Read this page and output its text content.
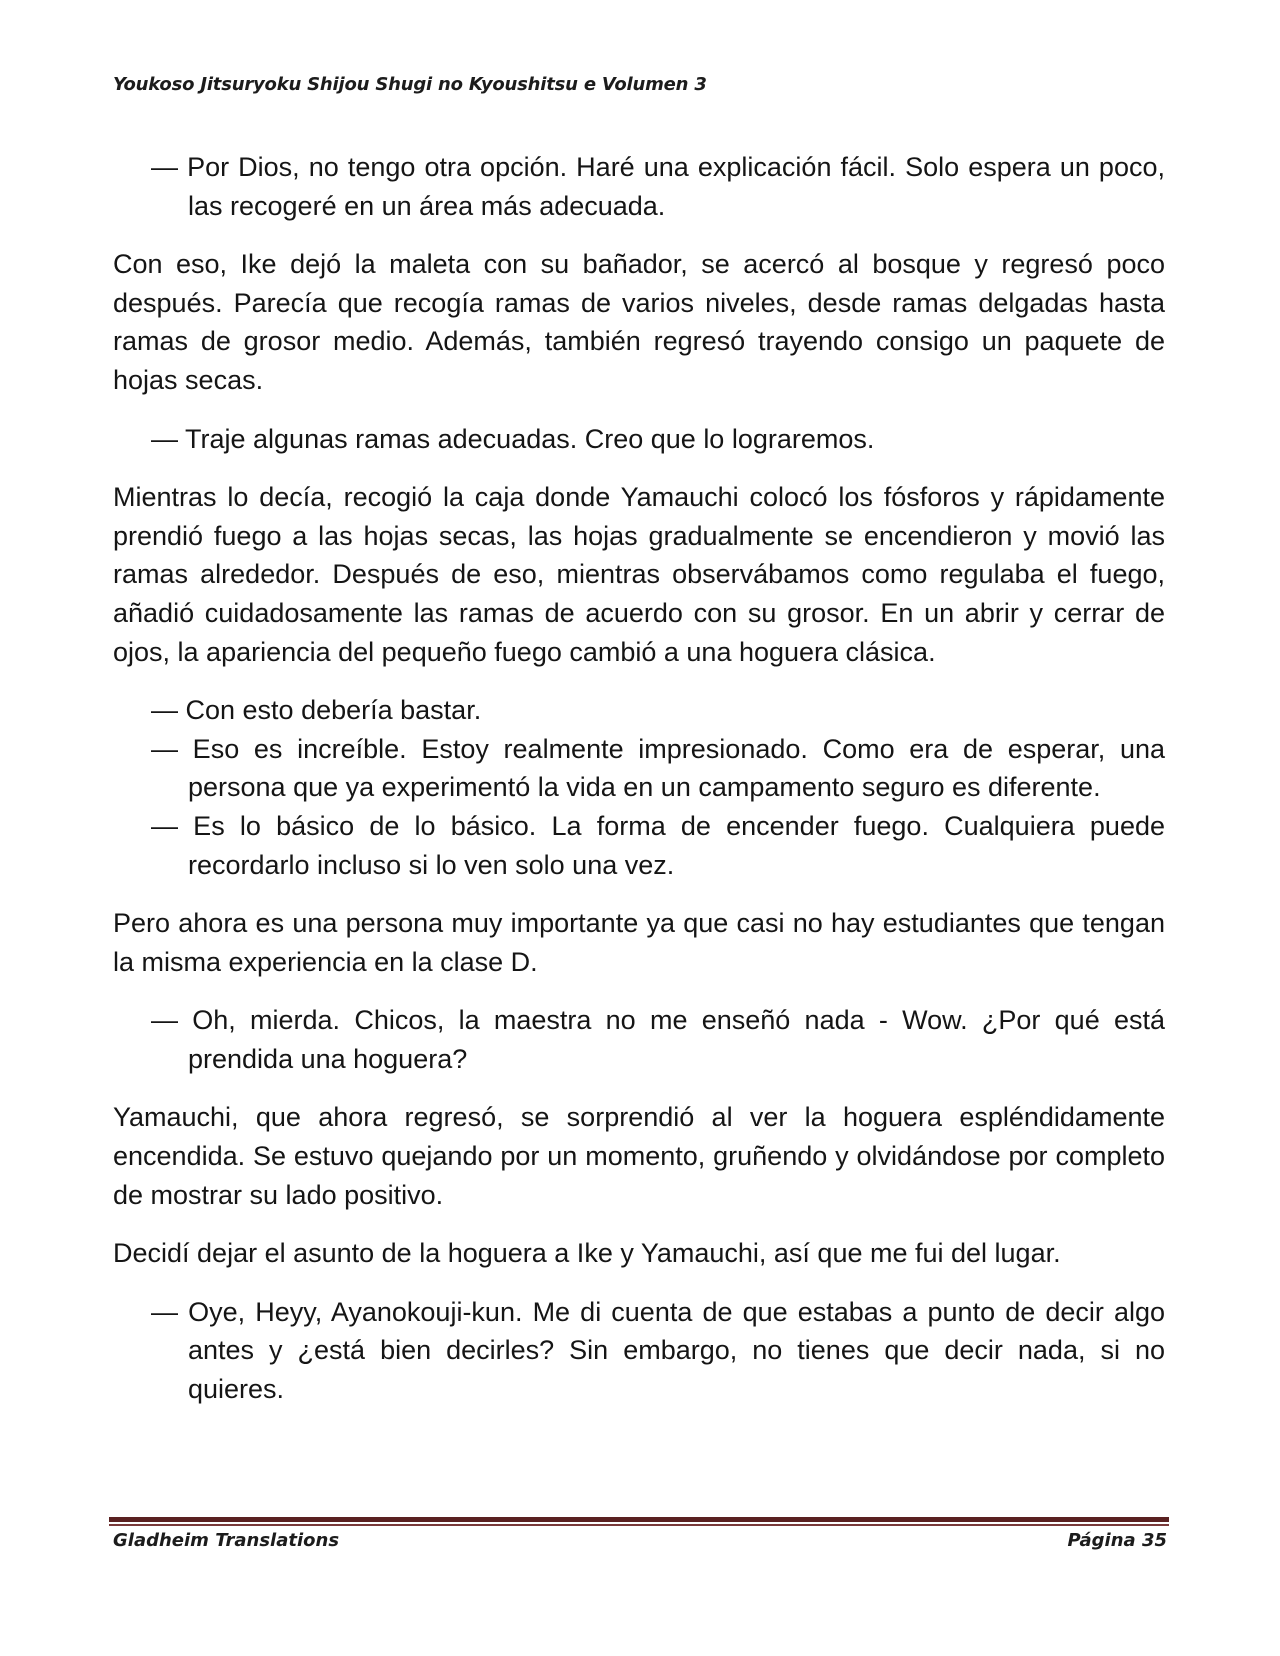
Youkoso Jitsuryoku Shijou Shugi no Kyoushitsu e Volumen 3

— Por Dios, no tengo otra opción. Haré una explicación fácil. Solo espera un poco, las recogeré en un área más adecuada.

Con eso, Ike dejó la maleta con su bañador, se acercó al bosque y regresó poco después. Parecía que recogía ramas de varios niveles, desde ramas delgadas hasta ramas de grosor medio. Además, también regresó trayendo consigo un paquete de hojas secas.

— Traje algunas ramas adecuadas. Creo que lo lograremos.

Mientras lo decía, recogió la caja donde Yamauchi colocó los fósforos y rápidamente prendió fuego a las hojas secas, las hojas gradualmente se encendieron y movió las ramas alrededor. Después de eso, mientras observábamos como regulaba el fuego, añadió cuidadosamente las ramas de acuerdo con su grosor. En un abrir y cerrar de ojos, la apariencia del pequeño fuego cambió a una hoguera clásica.

— Con esto debería bastar.

— Eso es increíble. Estoy realmente impresionado. Como era de esperar, una persona que ya experimentó la vida en un campamento seguro es diferente.

— Es lo básico de lo básico. La forma de encender fuego. Cualquiera puede recordarlo incluso si lo ven solo una vez.

Pero ahora es una persona muy importante ya que casi no hay estudiantes que tengan la misma experiencia en la clase D.

— Oh, mierda. Chicos, la maestra no me enseñó nada - Wow. ¿Por qué está prendida una hoguera?

Yamauchi, que ahora regresó, se sorprendió al ver la hoguera espléndidamente encendida. Se estuvo quejando por un momento, gruñendo y olvidándose por completo de mostrar su lado positivo.

Decidí dejar el asunto de la hoguera a Ike y Yamauchi, así que me fui del lugar.

— Oye, Heyy, Ayanokouji-kun. Me di cuenta de que estabas a punto de decir algo antes y ¿está bien decirles? Sin embargo, no tienes que decir nada, si no quieres.

Gladheim Translations	Página 35
